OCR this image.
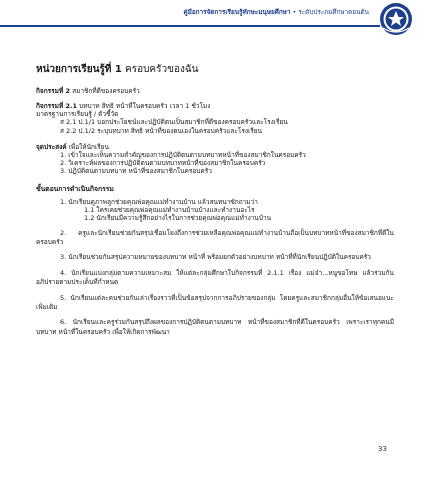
คู่มือการจัดการเรียนรู้ทักษะมนุษยศึกษา • ระดับประถมศึกษาตอนต้น
หน่วยการเรียนรู้ที่ 1 ครอบครัวของฉัน
กิจกรรมที่ 2 สมาชิกที่ดีของครอบครัว
กิจกรรมที่ 2.1 บทบาท สิทธิ หน้าที่ในครอบครัว เวลา 1 ชั่วโมง
มาตรฐานการเรียนรู้ / ตัวชี้วัด
ส 2.1 ป.1/1 บอกประโยชน์และปฏิบัติตนเป็นสมาชิกที่ดีของครอบครัวและโรงเรียน
ส 2.2 ป.1/2 ระบุบทบาท สิทธิ หน้าที่ของตนเองในครอบครัวและโรงเรียน
จุดประสงค์ เพื่อให้นักเรียน
1. เข้าใจและเห็นความสำคัญของการปฏิบัติตนตามบทบาทหน้าที่ของสมาชิกในครอบครัว
2. วิเคราะห์ผลของการปฏิบัติตนตามบทบาทหน้าที่ของสมาชิกในครอบครัว
3. ปฏิบัติตนตามบทบาท หน้าที่ของสมาชิกในครอบครัว
ขั้นตอนการดำเนินกิจกรรม
1. นักเรียนดูภาพลูกช่วยคุณพ่อคุณแม่ทำงานบ้าน แล้วสนทนาซักถามว่า
1.1 ใครเคยช่วยคุณพ่อคุณแม่ทำงานบ้านบ้างและทำงานอะไร
1.2 นักเรียนมีความรู้สึกอย่างไรในการช่วยคุณพ่อคุณแม่ทำงานบ้าน
2. ครูและนักเรียนช่วยกันสรุปเชื่อมโยงถึงการช่วยเหลือคุณพ่อคุณแม่ทำงานบ้านถือเป็นบทบาทหน้าที่ของสมาชิกที่ดีในครอบครัว
3. นักเรียนช่วยกันสรุปความหมายของบทบาท หน้าที่ พร้อมยกตัวอย่างบทบาท หน้าที่ที่นักเรียนปฏิบัติในครอบครัว
4. นักเรียนแบ่งกลุ่มตามความเหมาะสม ให้แต่ละกลุ่มศึกษาใบกิจกรรมที่ 2.1.1 เรื่อง แม่จ๋า...หนูขอโทษ แล้วร่วมกันอภิปรายตามประเด็นที่กำหนด
5. นักเรียนแต่ละคนช่วยกันเล่าเรื่องราวที่เป็นข้อสรุปจากการอภิปรายของกลุ่ม โดยครูและสมาชิกกลุ่มอื่นให้ข้อเสนอแนะเพิ่มเติม
6. นักเรียนและครูร่วมกันสรุปถึงผลของการปฏิบัติตนตามบทบาท หน้าที่ของสมาชิกที่ดีในครอบครัว เพราะเราทุกคนมีบทบาท หน้าที่ในครอบครัว เพื่อให้เกิดการพัฒนา
33
